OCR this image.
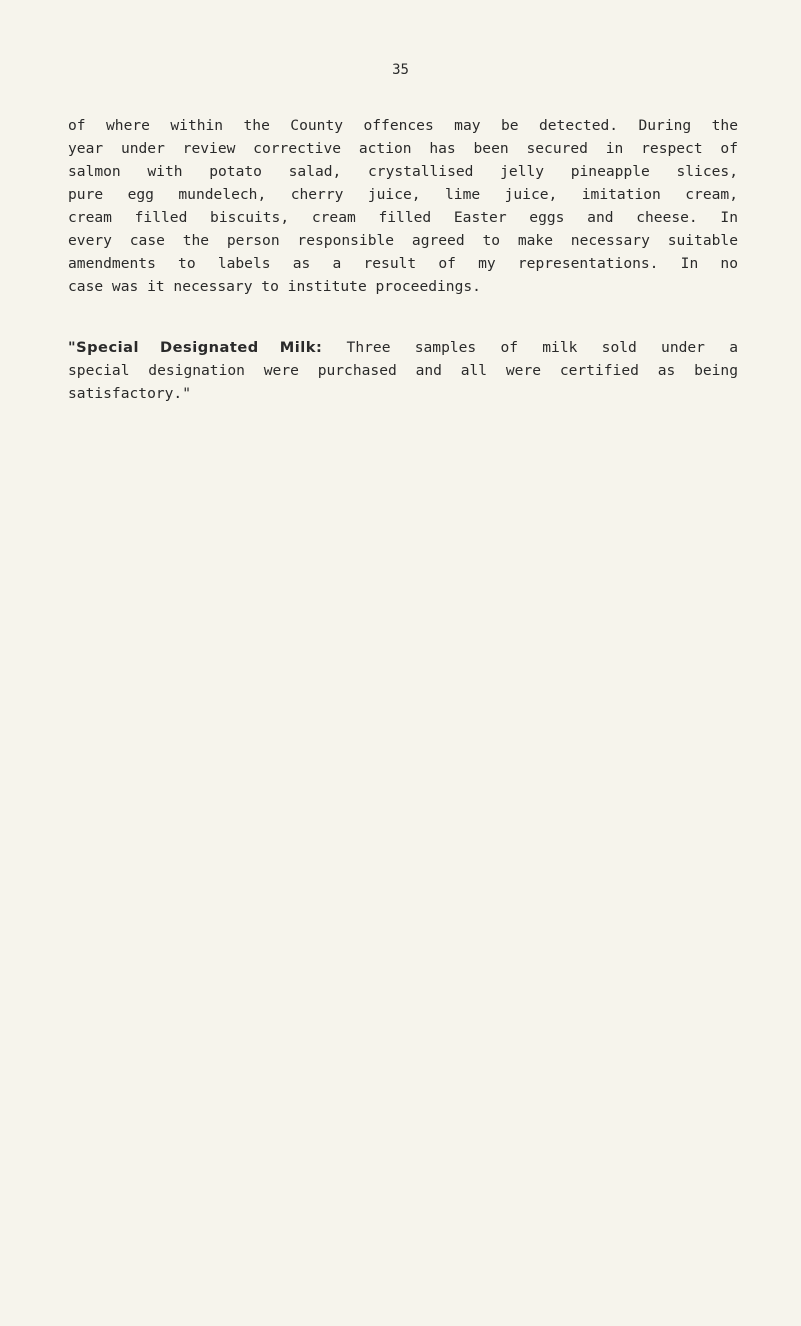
35
of where within the County offences may be detected. During the
year under review corrective action has been secured in respect of
salmon with potato salad, crystallised jelly pineapple slices,
pure egg mundelech, cherry juice, lime juice, imitation cream,
cream filled biscuits, cream filled Easter eggs and cheese. In
every case the person responsible agreed to make necessary suitable
amendments to labels as a result of my representations. In no
case was it necessary to institute proceedings.
"Special Designated Milk: Three samples of milk sold under a
special designation were purchased and all were certified as being
satisfactory."
